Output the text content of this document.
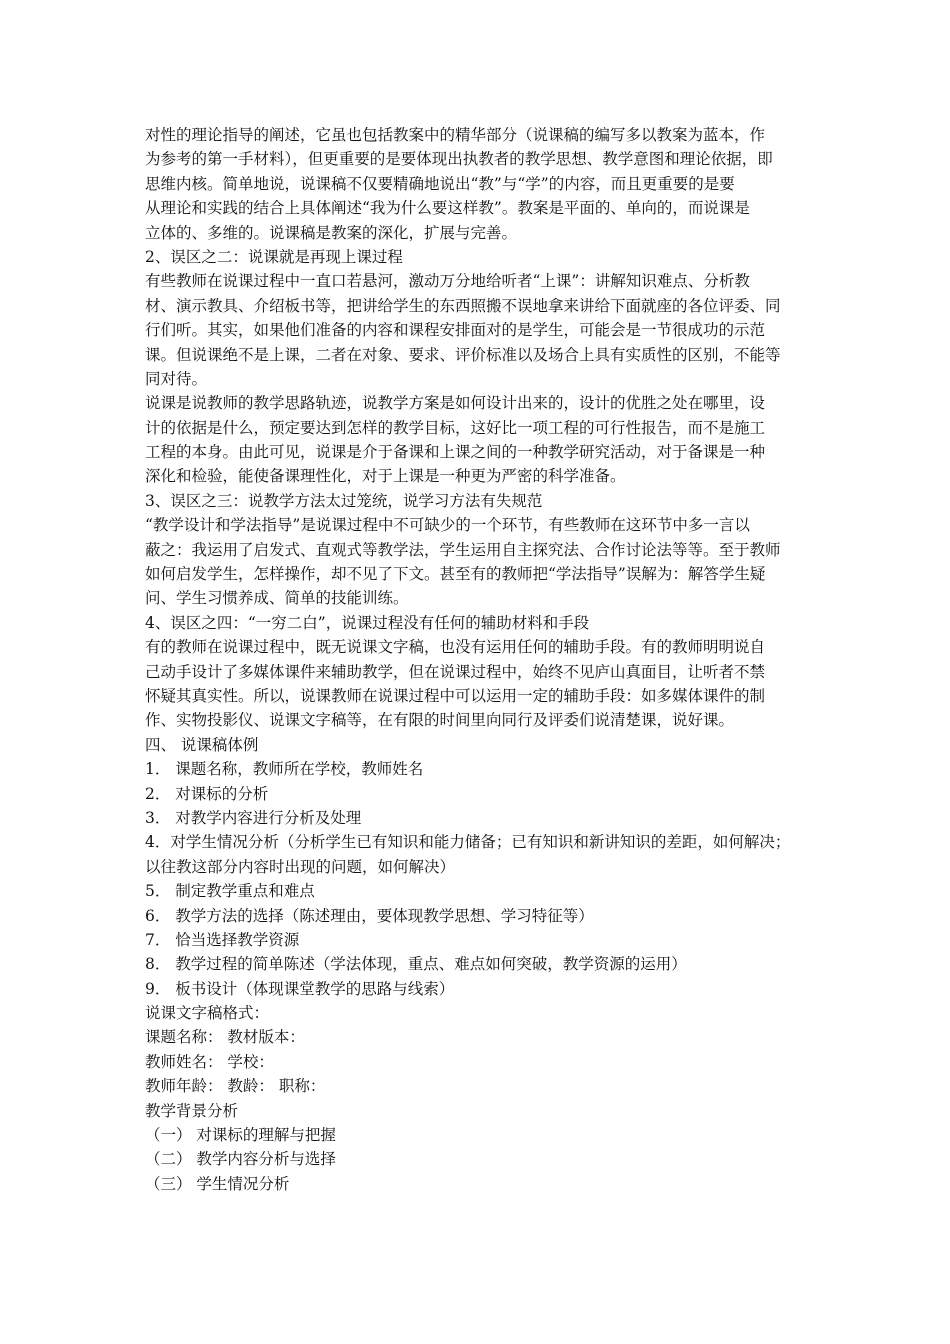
对性的理论指导的阐述，它虽也包括教案中的精华部分（说课稿的编写多以教案为蓝本，作
为参考的第一手材料），但更重要的是要体现出执教者的教学思想、教学意图和理论依据，即
思维内核。简单地说，说课稿不仅要精确地说出“教”与“学”的内容，而且更重要的是要
从理论和实践的结合上具体阐述“我为什么要这样教”。教案是平面的、单向的，而说课是
立体的、多维的。说课稿是教案的深化，扩展与完善。
2、误区之二：说课就是再现上课过程
有些教师在说课过程中一直口若悬河，激动万分地给听者“上课”：讲解知识难点、分析教
材、演示教具、介绍板书等，把讲给学生的东西照搬不误地拿来讲给下面就座的各位评委、同
行们听。其实，如果他们准备的内容和课程安排面对的是学生，可能会是一节很成功的示范
课。但说课绝不是上课，二者在对象、要求、评价标准以及场合上具有实质性的区别，不能等
同对待。
说课是说教师的教学思路轨迹，说教学方案是如何设计出来的，设计的优胜之处在哪里，设
计的依据是什么，预定要达到怎样的教学目标，这好比一项工程的可行性报告，而不是施工
工程的本身。由此可见，说课是介于备课和上课之间的一种教学研究活动，对于备课是一种
深化和检验，能使备课理性化，对于上课是一种更为严密的科学准备。
3、误区之三：说教学方法太过笼统，说学习方法有失规范
“教学设计和学法指导”是说课过程中不可缺少的一个环节，有些教师在这环节中多一言以
蔽之：我运用了启发式、直观式等教学法，学生运用自主探究法、合作讨论法等等。至于教师
如何启发学生，怎样操作，却不见了下文。甚至有的教师把“学法指导”误解为：解答学生疑
问、学生习惯养成、简单的技能训练。
4、误区之四：“一穷二白”，说课过程没有任何的辅助材料和手段
有的教师在说课过程中，既无说课文字稿，也没有运用任何的辅助手段。有的教师明明说自
己动手设计了多媒体课件来辅助教学，但在说课过程中，始终不见庐山真面目，让听者不禁
怀疑其真实性。所以，说课教师在说课过程中可以运用一定的辅助手段：如多媒体课件的制
作、实物投影仪、说课文字稿等，在有限的时间里向同行及评委们说清楚课，说好课。
四、 说课稿体例
1． 课题名称，教师所在学校，教师姓名
2． 对课标的分析
3． 对教学内容进行分析及处理
4．对学生情况分析（分析学生已有知识和能力储备；已有知识和新讲知识的差距，如何解决；
以往教这部分内容时出现的问题，如何解决）
5． 制定教学重点和难点
6． 教学方法的选择（陈述理由，要体现教学思想、学习特征等）
7． 恰当选择教学资源
8． 教学过程的简单陈述（学法体现，重点、难点如何突破，教学资源的运用）
9． 板书设计（体现课堂教学的思路与线索）
说课文字稿格式：
课题名称： 教材版本：
教师姓名： 学校：
教师年龄： 教龄： 职称：
教学背景分析
（一） 对课标的理解与把握
（二） 教学内容分析与选择
（三） 学生情况分析
